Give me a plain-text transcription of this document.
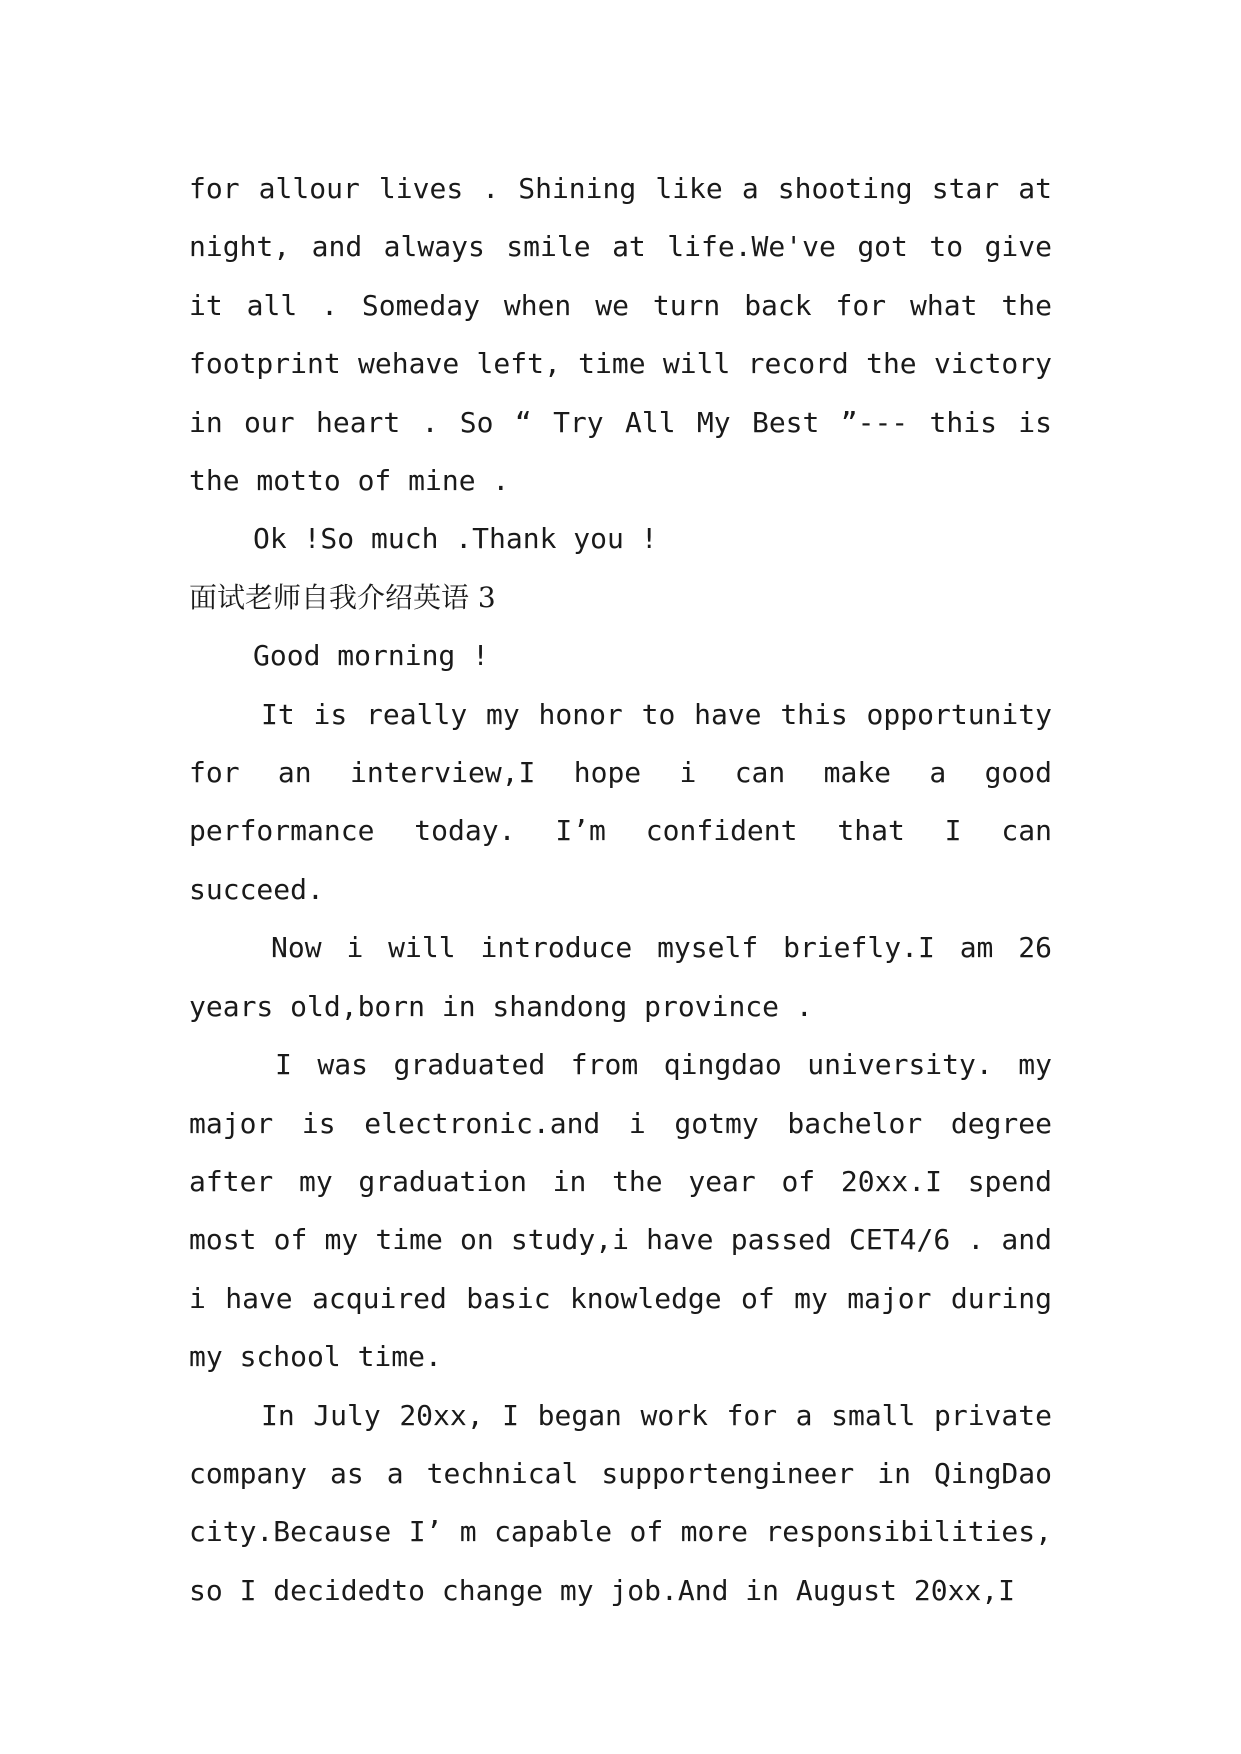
for allour lives . Shining like a shooting star at night, and always smile at life.We've got to give it all . Someday when we turn back for what the footprint wehave left, time will record the victory in our heart . So “ Try All My Best ”--- this is the motto of mine .

Ok !So much .Thank you !

面试老师自我介绍英语 3

Good morning !

It is really my honor to have this opportunity for an interview,I hope i can make a good performance today. I’m confident that I can succeed.

Now i will introduce myself briefly.I am 26 years old,born in shandong province .

I was graduated from qingdao university. my major is electronic.and i gotmy bachelor degree after my graduation in the year of 20xx.I spend most of my time on study,i have passed CET4/6 . and i have acquired basic knowledge of my major during my school time.

In July 20xx, I began work for a small private company as a technical supportengineer in QingDao city.Because I’ m capable of more responsibilities, so I decidedto change my job.And in August 20xx,I
